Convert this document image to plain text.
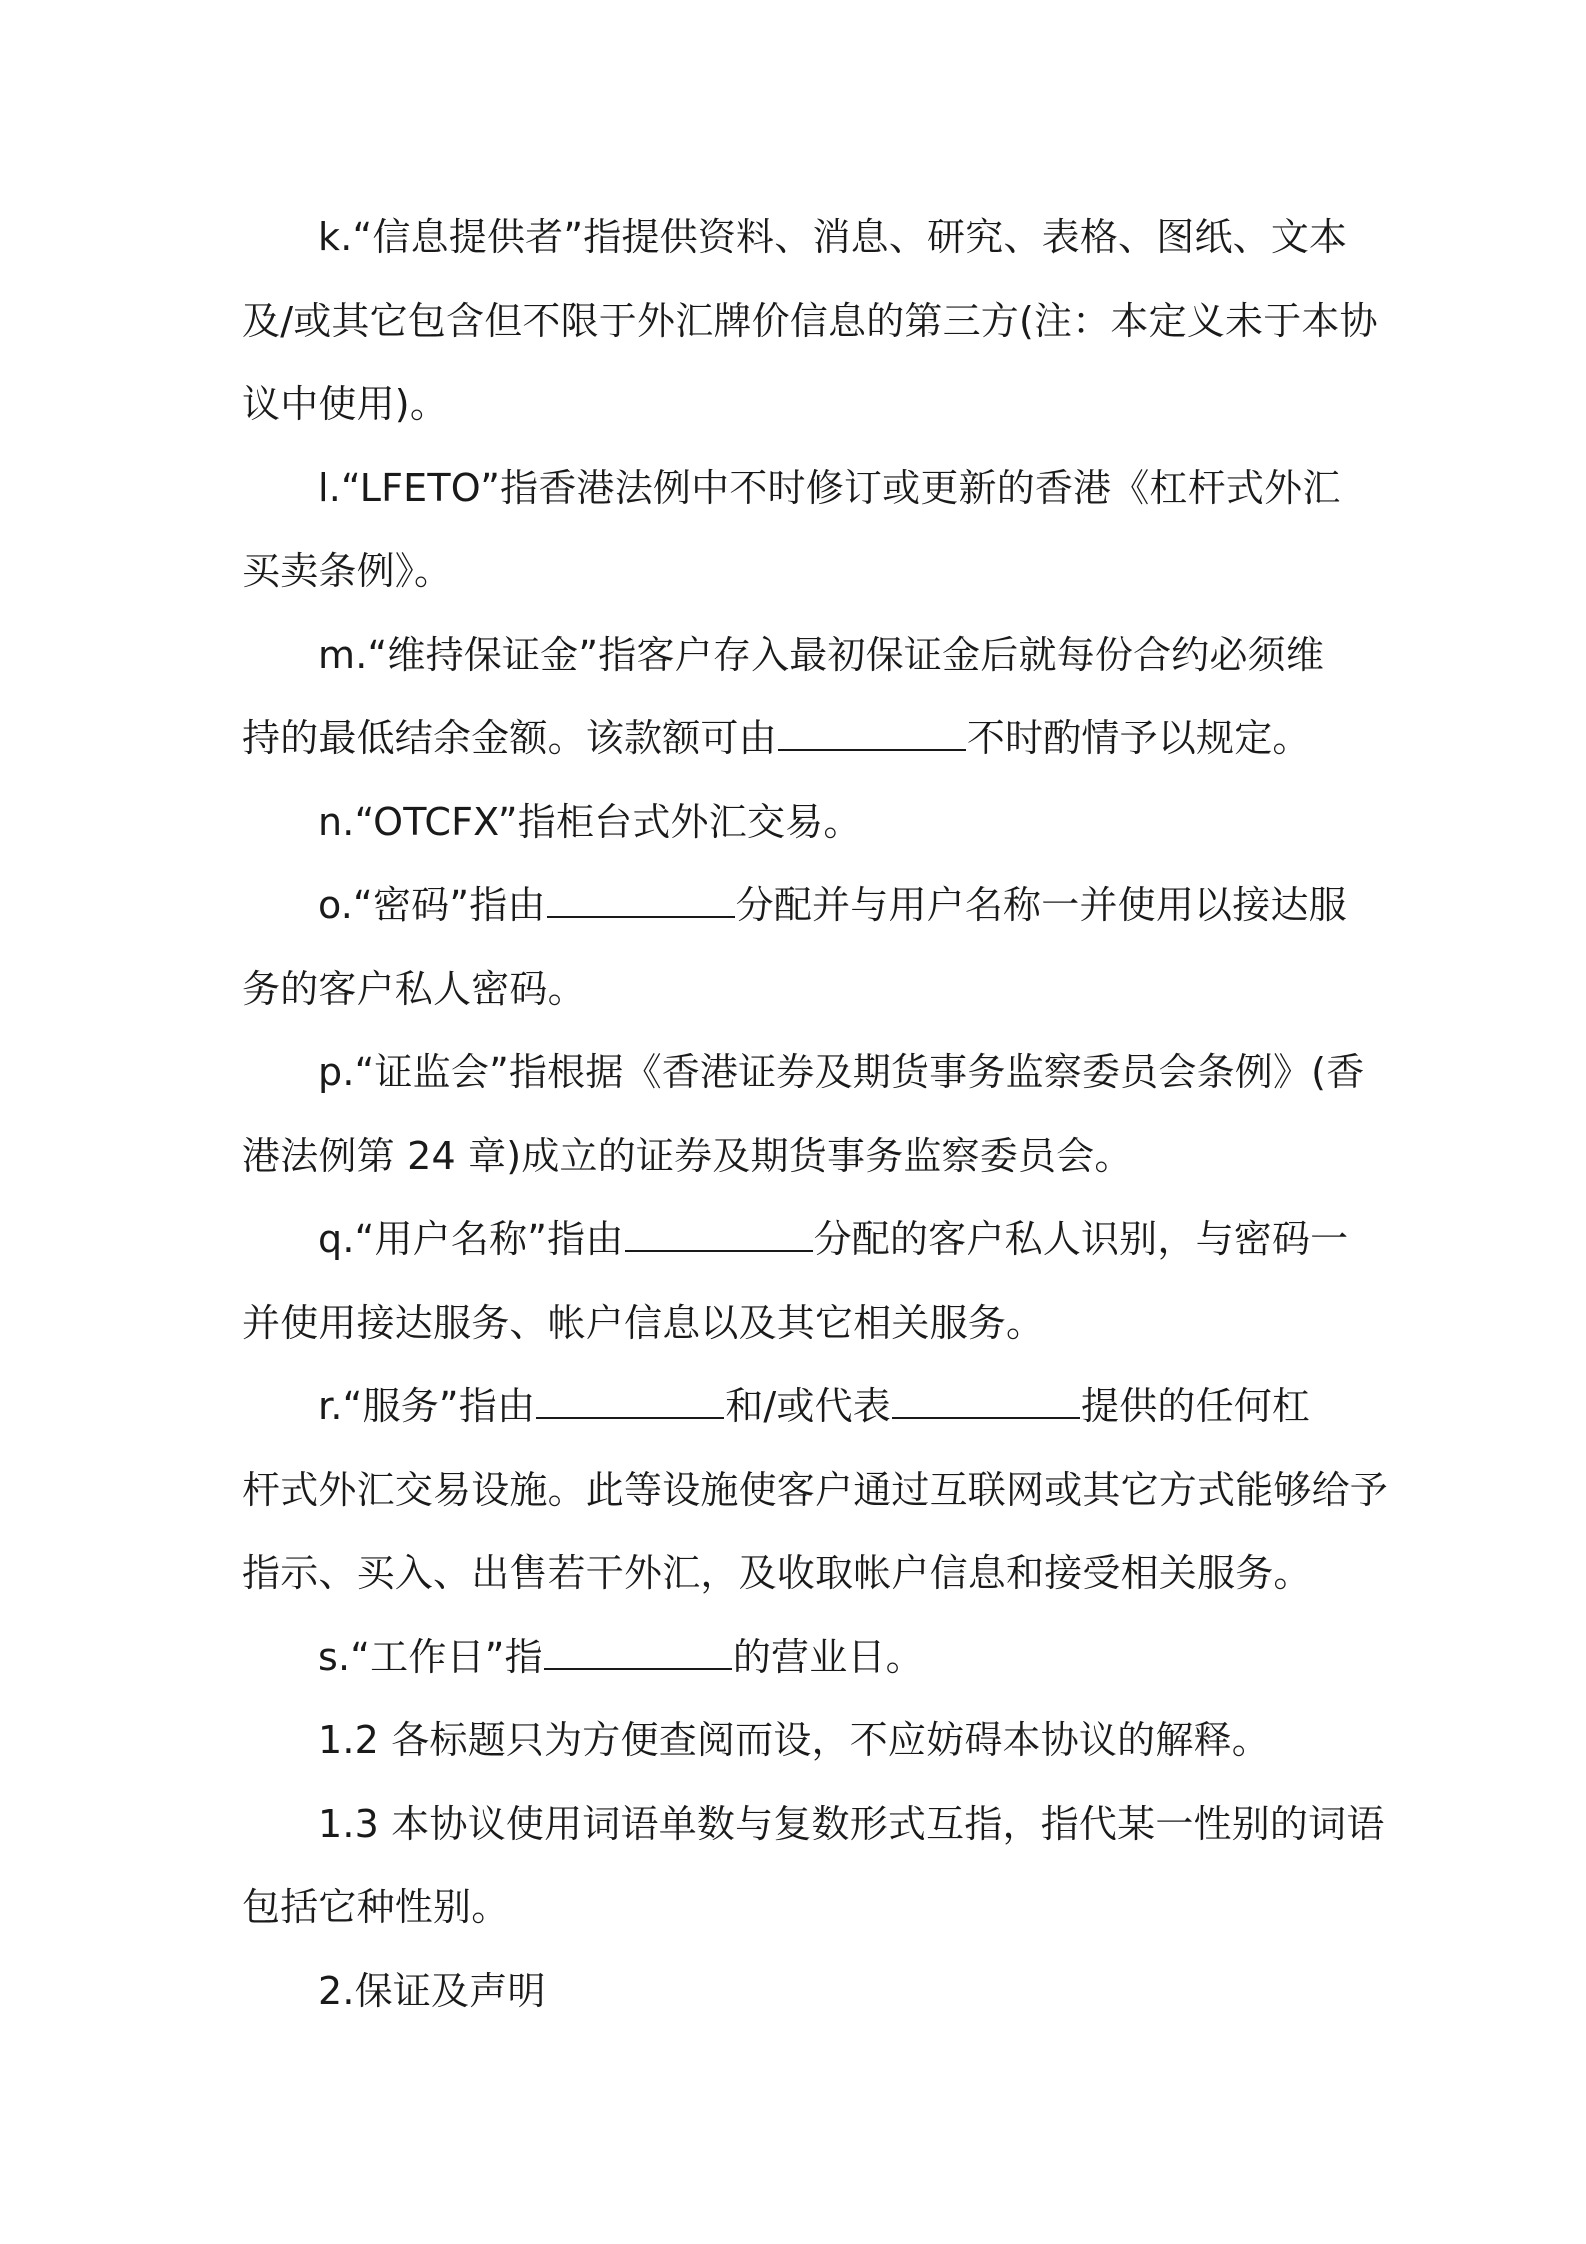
k.“信息提供者”指提供资料、消息、研究、表格、图纸、文本
及/或其它包含但不限于外汇牌价信息的第三方(注：本定义未于本协
议中使用)。
l.“LFETO”指香港法例中不时修订或更新的香港《杠杆式外汇
买卖条例》。
m.“维持保证金”指客户存入最初保证金后就每份合约必须维
持的最低结余金额。该款额可由	不时酌情予以规定。
n.“OTCFX”指柜台式外汇交易。
o.“密码”指由	分配并与用户名称一并使用以接达服
务的客户私人密码。
p.“证监会”指根据《香港证券及期货事务监察委员会条例》(香
港法例第 24 章)成立的证券及期货事务监察委员会。
q.“用户名称”指由	分配的客户私人识别，与密码一
并使用接达服务、帐户信息以及其它相关服务。
r.“服务”指由	和/或代表	提供的任何杠
杆式外汇交易设施。此等设施使客户通过互联网或其它方式能够给予
指示、买入、出售若干外汇，及收取帐户信息和接受相关服务。
s.“工作日”指	的营业日。
1.2 各标题只为方便查阅而设，不应妨碍本协议的解释。
1.3 本协议使用词语单数与复数形式互指，指代某一性别的词语
包括它种性别。
2.保证及声明
